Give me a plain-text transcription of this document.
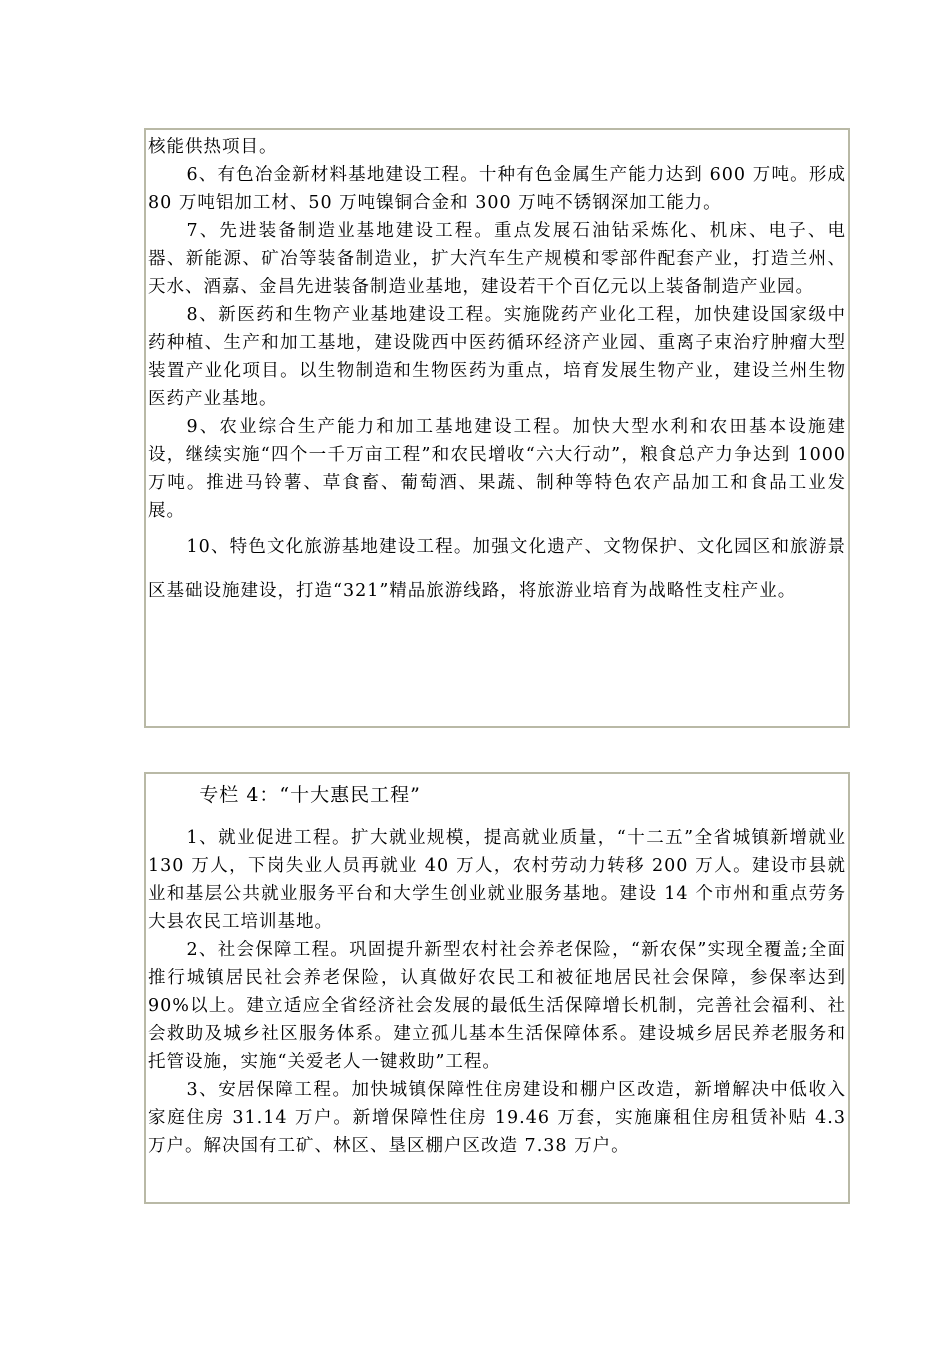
核能供热项目。

6、有色冶金新材料基地建设工程。十种有色金属生产能力达到 600 万吨。形成 80 万吨铝加工材、50 万吨镍铜合金和 300 万吨不锈钢深加工能力。

7、先进装备制造业基地建设工程。重点发展石油钻采炼化、机床、电子、电器、新能源、矿冶等装备制造业，扩大汽车生产规模和零部件配套产业，打造兰州、天水、酒嘉、金昌先进装备制造业基地，建设若干个百亿元以上装备制造产业园。

8、新医药和生物产业基地建设工程。实施陇药产业化工程，加快建设国家级中药种植、生产和加工基地，建设陇西中医药循环经济产业园、重离子束治疗肿瘤大型装置产业化项目。以生物制造和生物医药为重点，培育发展生物产业，建设兰州生物医药产业基地。

9、农业综合生产能力和加工基地建设工程。加快大型水利和农田基本设施建设，继续实施“四个一千万亩工程”和农民增收“六大行动”，粮食总产力争达到 1000 万吨。推进马铃薯、草食畜、葡萄酒、果蔬、制种等特色农产品加工和食品工业发展。

10、特色文化旅游基地建设工程。加强文化遗产、文物保护、文化园区和旅游景区基础设施建设，打造“321”精品旅游线路，将旅游业培育为战略性支柱产业。

专栏 4：“十大惠民工程”

1、就业促进工程。扩大就业规模，提高就业质量，“十二五”全省城镇新增就业 130 万人，下岗失业人员再就业 40 万人，农村劳动力转移 200 万人。建设市县就业和基层公共就业服务平台和大学生创业就业服务基地。建设 14 个市州和重点劳务大县农民工培训基地。

2、社会保障工程。巩固提升新型农村社会养老保险，“新农保”实现全覆盖;全面推行城镇居民社会养老保险，认真做好农民工和被征地居民社会保障，参保率达到 90%以上。建立适应全省经济社会发展的最低生活保障增长机制，完善社会福利、社会救助及城乡社区服务体系。建立孤儿基本生活保障体系。建设城乡居民养老服务和托管设施，实施“关爱老人一键救助”工程。

3、安居保障工程。加快城镇保障性住房建设和棚户区改造，新增解决中低收入家庭住房 31.14 万户。新增保障性住房 19.46 万套，实施廉租住房租赁补贴 4.3 万户。解决国有工矿、林区、垦区棚户区改造 7.38 万户。
